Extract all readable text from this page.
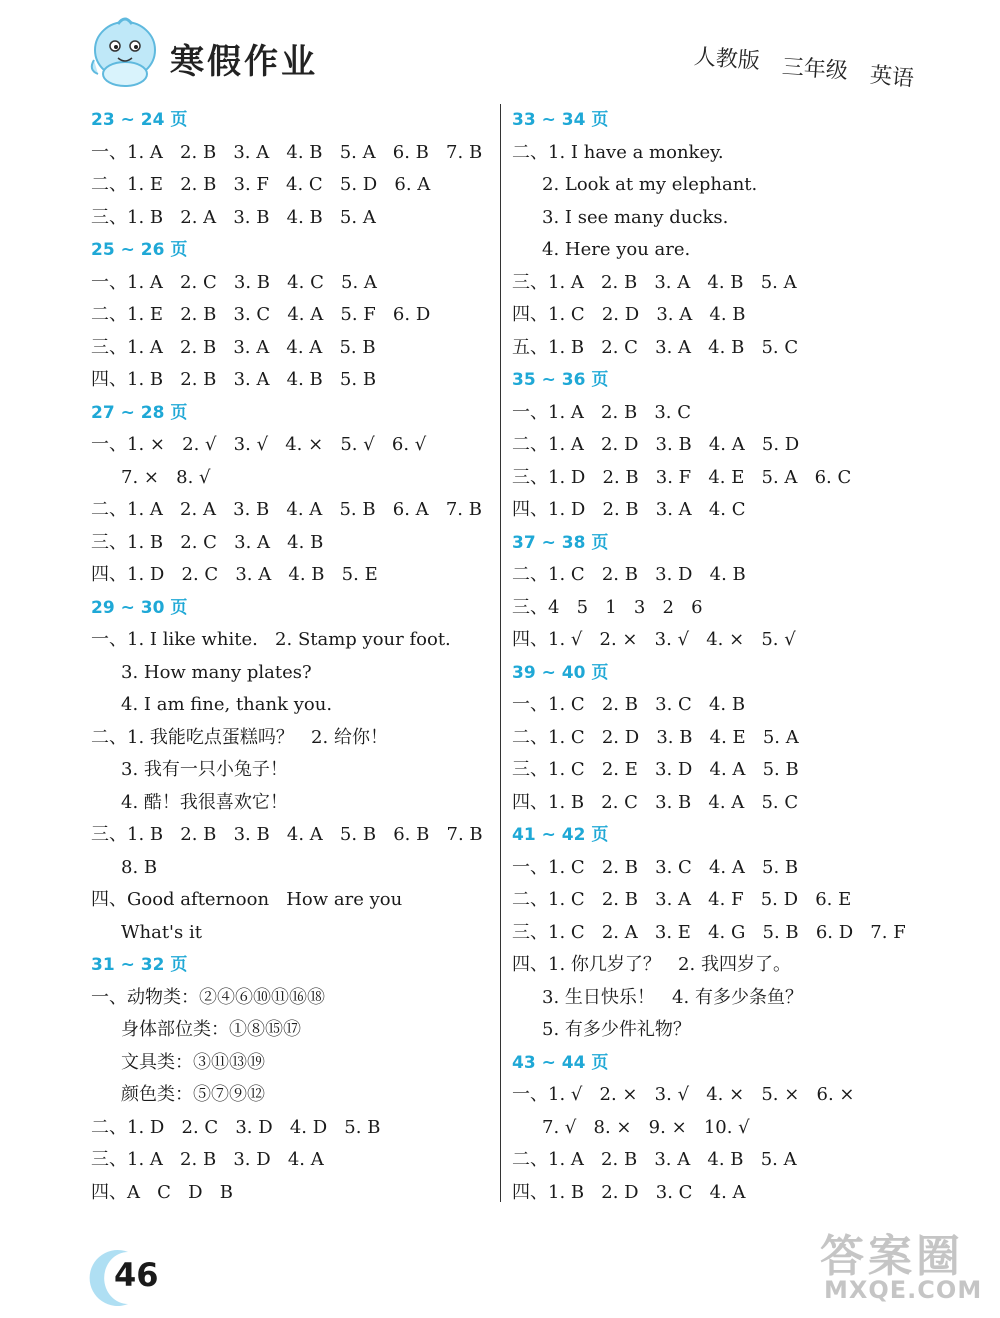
寒假作业	人教版 三年级 英语
23 ~ 24 页
一、1. A   2. B   3. A   4. B   5. A   6. B   7. B
二、1. E   2. B   3. F   4. C   5. D   6. A
三、1. B   2. A   3. B   4. B   5. A
25 ~ 26 页
一、1. A   2. C   3. B   4. C   5. A
二、1. E   2. B   3. C   4. A   5. F   6. D
三、1. A   2. B   3. A   4. A   5. B
四、1. B   2. B   3. A   4. B   5. B
27 ~ 28 页
一、1. ×   2. √   3. √   4. ×   5. √   6. √
7. ×   8. √
二、1. A   2. A   3. B   4. A   5. B   6. A   7. B
三、1. B   2. C   3. A   4. B
四、1. D   2. C   3. A   4. B   5. E
29 ~ 30 页
一、1. I like white.   2. Stamp your foot.
3. How many plates?
4. I am fine, thank you.
二、1. 我能吃点蛋糕吗？   2. 给你！
3. 我有一只小兔子！
4. 酷！我很喜欢它！
三、1. B   2. B   3. B   4. A   5. B   6. B   7. B
8. B
四、Good afternoon   How are you
What's it
31 ~ 32 页
一、动物类：②④⑥⑩⑪⑯⑱
身体部位类：①⑧⑮⑰
文具类：③⑪⑬⑲
颜色类：⑤⑦⑨⑫
二、1. D   2. C   3. D   4. D   5. B
三、1. A   2. B   3. D   4. A
四、A   C   D   B
33 ~ 34 页
二、1. I have a monkey.
2. Look at my elephant.
3. I see many ducks.
4. Here you are.
三、1. A   2. B   3. A   4. B   5. A
四、1. C   2. D   3. A   4. B
五、1. B   2. C   3. A   4. B   5. C
35 ~ 36 页
一、1. A   2. B   3. C
二、1. A   2. D   3. B   4. A   5. D
三、1. D   2. B   3. F   4. E   5. A   6. C
四、1. D   2. B   3. A   4. C
37 ~ 38 页
二、1. C   2. B   3. D   4. B
三、4   5   1   3   2   6
四、1. √   2. ×   3. √   4. ×   5. √
39 ~ 40 页
一、1. C   2. B   3. C   4. B
二、1. C   2. D   3. B   4. E   5. A
三、1. C   2. E   3. D   4. A   5. B
四、1. B   2. C   3. B   4. A   5. C
41 ~ 42 页
一、1. C   2. B   3. C   4. A   5. B
二、1. C   2. B   3. A   4. F   5. D   6. E
三、1. C   2. A   3. E   4. G   5. B   6. D   7. F
四、1. 你几岁了？   2. 我四岁了。
3. 生日快乐！   4. 有多少条鱼？
5. 有多少件礼物？
43 ~ 44 页
一、1. √   2. ×   3. √   4. ×   5. ×   6. ×
7. √   8. ×   9. ×   10. √
二、1. A   2. B   3. A   4. B   5. A
四、1. B   2. D   3. C   4. A
46	答案圈
MXQE.COM
